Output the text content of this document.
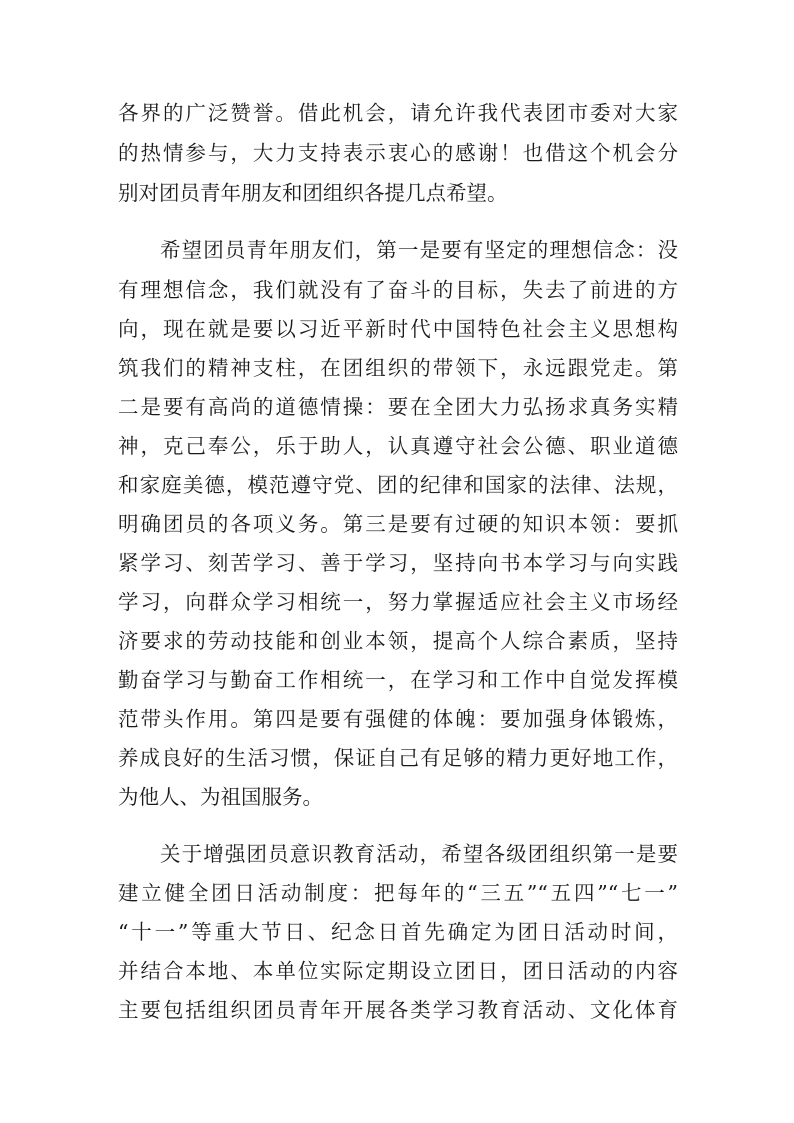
各界的广泛赞誉。借此机会，请允许我代表团市委对大家
的热情参与，大力支持表示衷心的感谢！也借这个机会分
别对团员青年朋友和团组织各提几点希望。
希望团员青年朋友们，第一是要有坚定的理想信念：没
有理想信念，我们就没有了奋斗的目标，失去了前进的方
向，现在就是要以习近平新时代中国特色社会主义思想构
筑我们的精神支柱，在团组织的带领下，永远跟党走。第
二是要有高尚的道德情操：要在全团大力弘扬求真务实精
神，克己奉公，乐于助人，认真遵守社会公德、职业道德
和家庭美德，模范遵守党、团的纪律和国家的法律、法规，
明确团员的各项义务。第三是要有过硬的知识本领：要抓
紧学习、刻苦学习、善于学习，坚持向书本学习与向实践
学习，向群众学习相统一，努力掌握适应社会主义市场经
济要求的劳动技能和创业本领，提高个人综合素质，坚持
勤奋学习与勤奋工作相统一，在学习和工作中自觉发挥模
范带头作用。第四是要有强健的体魄：要加强身体锻炼，
养成良好的生活习惯，保证自己有足够的精力更好地工作，
为他人、为祖国服务。
关于增强团员意识教育活动，希望各级团组织第一是要
建立健全团日活动制度：把每年的“三五”“五四”“七一”
“十一”等重大节日、纪念日首先确定为团日活动时间，
并结合本地、本单位实际定期设立团日，团日活动的内容
主要包括组织团员青年开展各类学习教育活动、文化体育
